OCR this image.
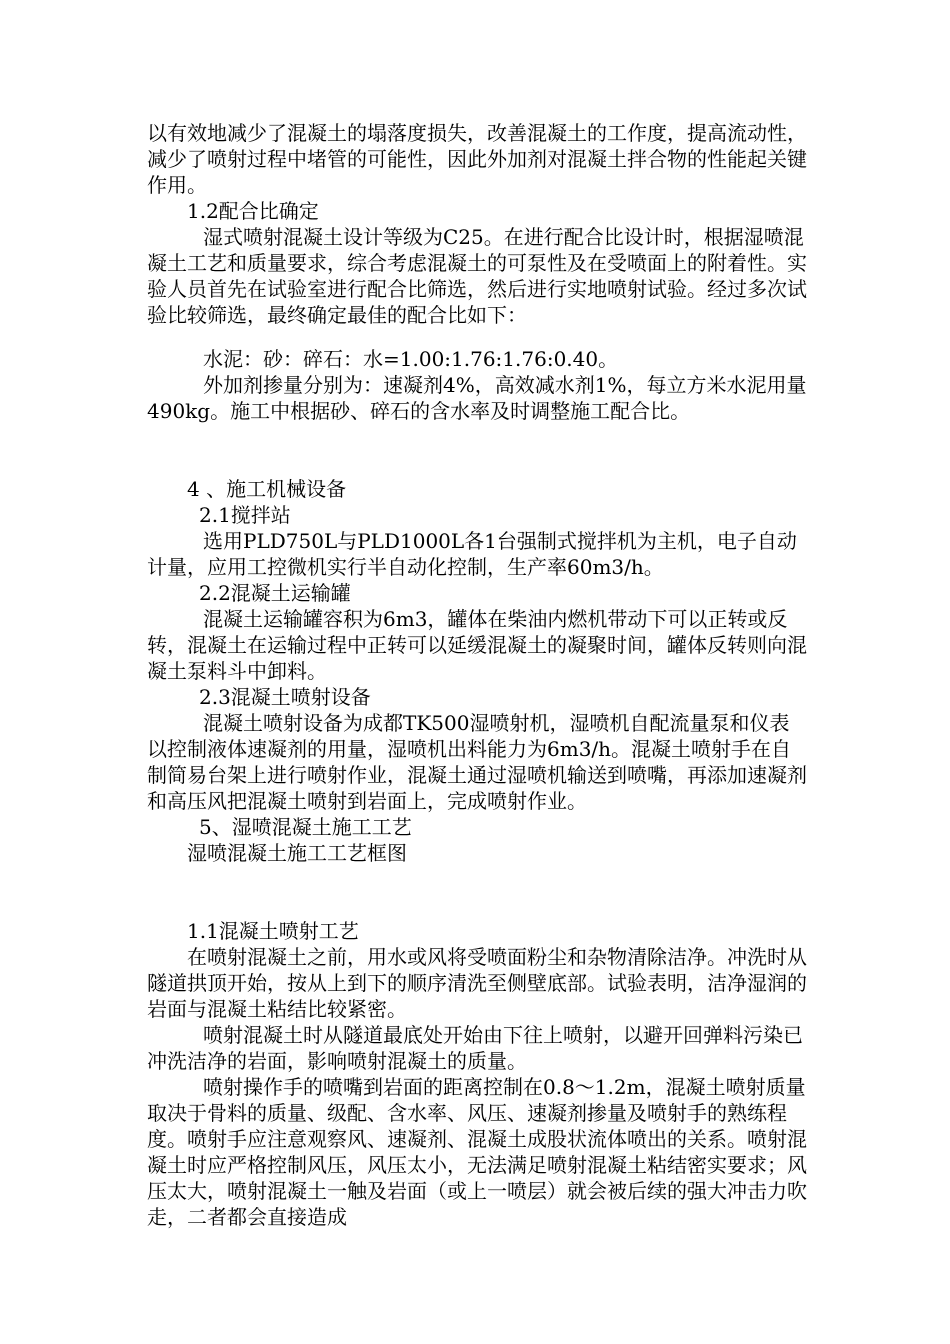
以有效地减少了混凝土的塌落度损失，改善混凝土的工作度，提高流动性，减少了喷射过程中堵管的可能性，因此外加剂对混凝土拌合物的性能起关键作用。

1.2配合比确定

湿式喷射混凝土设计等级为C25。在进行配合比设计时，根据湿喷混凝土工艺和质量要求，综合考虑混凝土的可泵性及在受喷面上的附着性。实验人员首先在试验室进行配合比筛选，然后进行实地喷射试验。经过多次试验比较筛选，最终确定最佳的配合比如下：

水泥：砂：碎石：水=1.00:1.76:1.76:0.40。

外加剂掺量分别为：速凝剂4%，高效减水剂1%，每立方米水泥用量490kg。施工中根据砂、碎石的含水率及时调整施工配合比。

4 、施工机械设备

2.1搅拌站

选用PLD750L与PLD1000L各1台强制式搅拌机为主机，电子自动计量，应用工控微机实行半自动化控制，生产率60m3/h。

2.2混凝土运输罐

混凝土运输罐容积为6m3，罐体在柴油内燃机带动下可以正转或反转，混凝土在运输过程中正转可以延缓混凝土的凝聚时间，罐体反转则向混凝土泵料斗中卸料。

2.3混凝土喷射设备

混凝土喷射设备为成都TK500湿喷射机，湿喷机自配流量泵和仪表以控制液体速凝剂的用量，湿喷机出料能力为6m3/h。混凝土喷射手在自制简易台架上进行喷射作业，混凝土通过湿喷机输送到喷嘴，再添加速凝剂和高压风把混凝土喷射到岩面上，完成喷射作业。

5、湿喷混凝土施工工艺

湿喷混凝土施工工艺框图

1.1混凝土喷射工艺

在喷射混凝土之前，用水或风将受喷面粉尘和杂物清除洁净。冲洗时从隧道拱顶开始，按从上到下的顺序清洗至侧壁底部。试验表明，洁净湿润的岩面与混凝土粘结比较紧密。

喷射混凝土时从隧道最底处开始由下往上喷射，以避开回弹料污染已冲洗洁净的岩面，影响喷射混凝土的质量。

喷射操作手的喷嘴到岩面的距离控制在0.8～1.2m，混凝土喷射质量取决于骨料的质量、级配、含水率、风压、速凝剂掺量及喷射手的熟练程度。喷射手应注意观察风、速凝剂、混凝土成股状流体喷出的关系。喷射混凝土时应严格控制风压，风压太小，无法满足喷射混凝土粘结密实要求；风压太大，喷射混凝土一触及岩面（或上一喷层）就会被后续的强大冲击力吹走，二者都会直接造成
